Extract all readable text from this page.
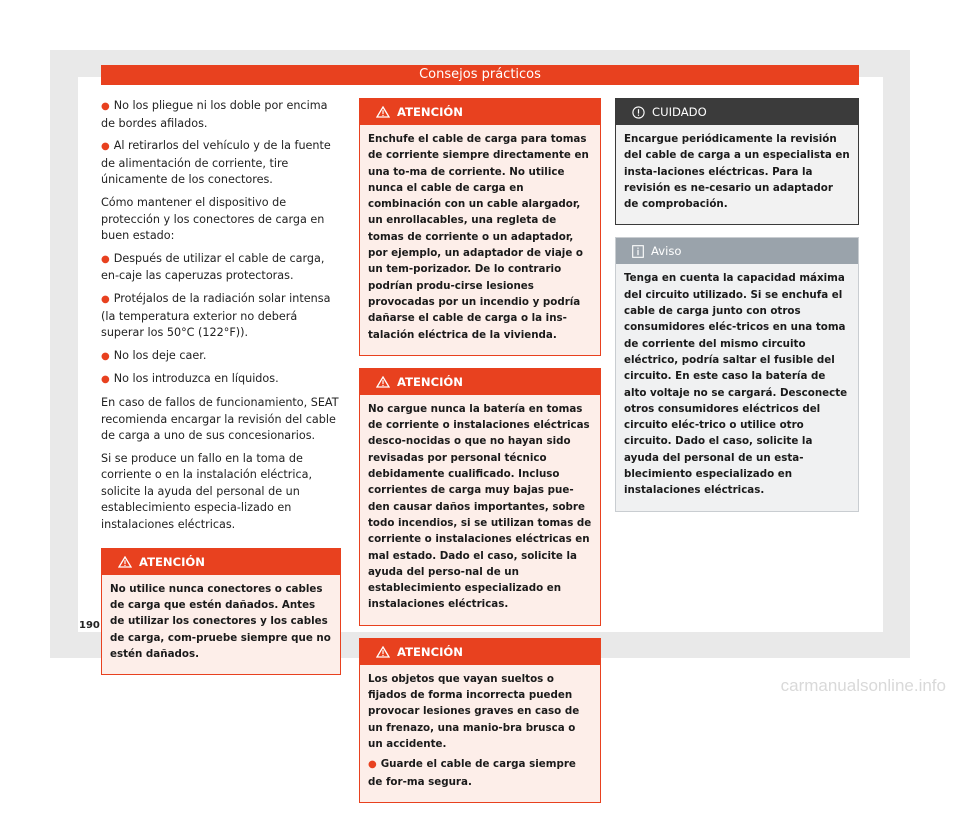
Consejos prácticos

● No los pliegue ni los doble por encima de bordes afilados.

● Al retirarlos del vehículo y de la fuente de alimentación de corriente, tire únicamente de los conectores.

Cómo mantener el dispositivo de protección y los conectores de carga en buen estado:

● Después de utilizar el cable de carga, en-caje las caperuzas protectoras.

● Protéjalos de la radiación solar intensa (la temperatura exterior no deberá superar los 50°C (122°F)).

● No los deje caer.

● No los introduzca en líquidos.

En caso de fallos de funcionamiento, SEAT recomienda encargar la revisión del cable de carga a uno de sus concesionarios.

Si se produce un fallo en la toma de corriente o en la instalación eléctrica, solicite la ayuda del personal de un establecimiento especia-lizado en instalaciones eléctricas.

ATENCIÓN

No utilice nunca conectores o cables de carga que estén dañados. Antes de utilizar los conectores y los cables de carga, com-pruebe siempre que no estén dañados.

ATENCIÓN

Enchufe el cable de carga para tomas de corriente siempre directamente en una to-ma de corriente. No utilice nunca el cable de carga en combinación con un cable alargador, un enrollacables, una regleta de tomas de corriente o un adaptador, por ejemplo, un adaptador de viaje o un tem-porizador. De lo contrario podrían produ-cirse lesiones provocadas por un incendio y podría dañarse el cable de carga o la ins-talación eléctrica de la vivienda.

ATENCIÓN

No cargue nunca la batería en tomas de corriente o instalaciones eléctricas desco-nocidas o que no hayan sido revisadas por personal técnico debidamente cualificado. Incluso corrientes de carga muy bajas pue-den causar daños importantes, sobre todo incendios, si se utilizan tomas de corriente o instalaciones eléctricas en mal estado. Dado el caso, solicite la ayuda del perso-nal de un establecimiento especializado en instalaciones eléctricas.

ATENCIÓN

Los objetos que vayan sueltos o fijados de forma incorrecta pueden provocar lesiones graves en caso de un frenazo, una manio-bra brusca o un accidente.

● Guarde el cable de carga siempre de for-ma segura.

CUIDADO

Encargue periódicamente la revisión del cable de carga a un especialista en insta-laciones eléctricas. Para la revisión es ne-cesario un adaptador de comprobación.

Aviso

Tenga en cuenta la capacidad máxima del circuito utilizado. Si se enchufa el cable de carga junto con otros consumidores eléc-tricos en una toma de corriente del mismo circuito eléctrico, podría saltar el fusible del circuito. En este caso la batería de alto voltaje no se cargará. Desconecte otros consumidores eléctricos del circuito eléc-trico o utilice otro circuito. Dado el caso, solicite la ayuda del personal de un esta-blecimiento especializado en instalaciones eléctricas.

190
carmanualsonline.info
